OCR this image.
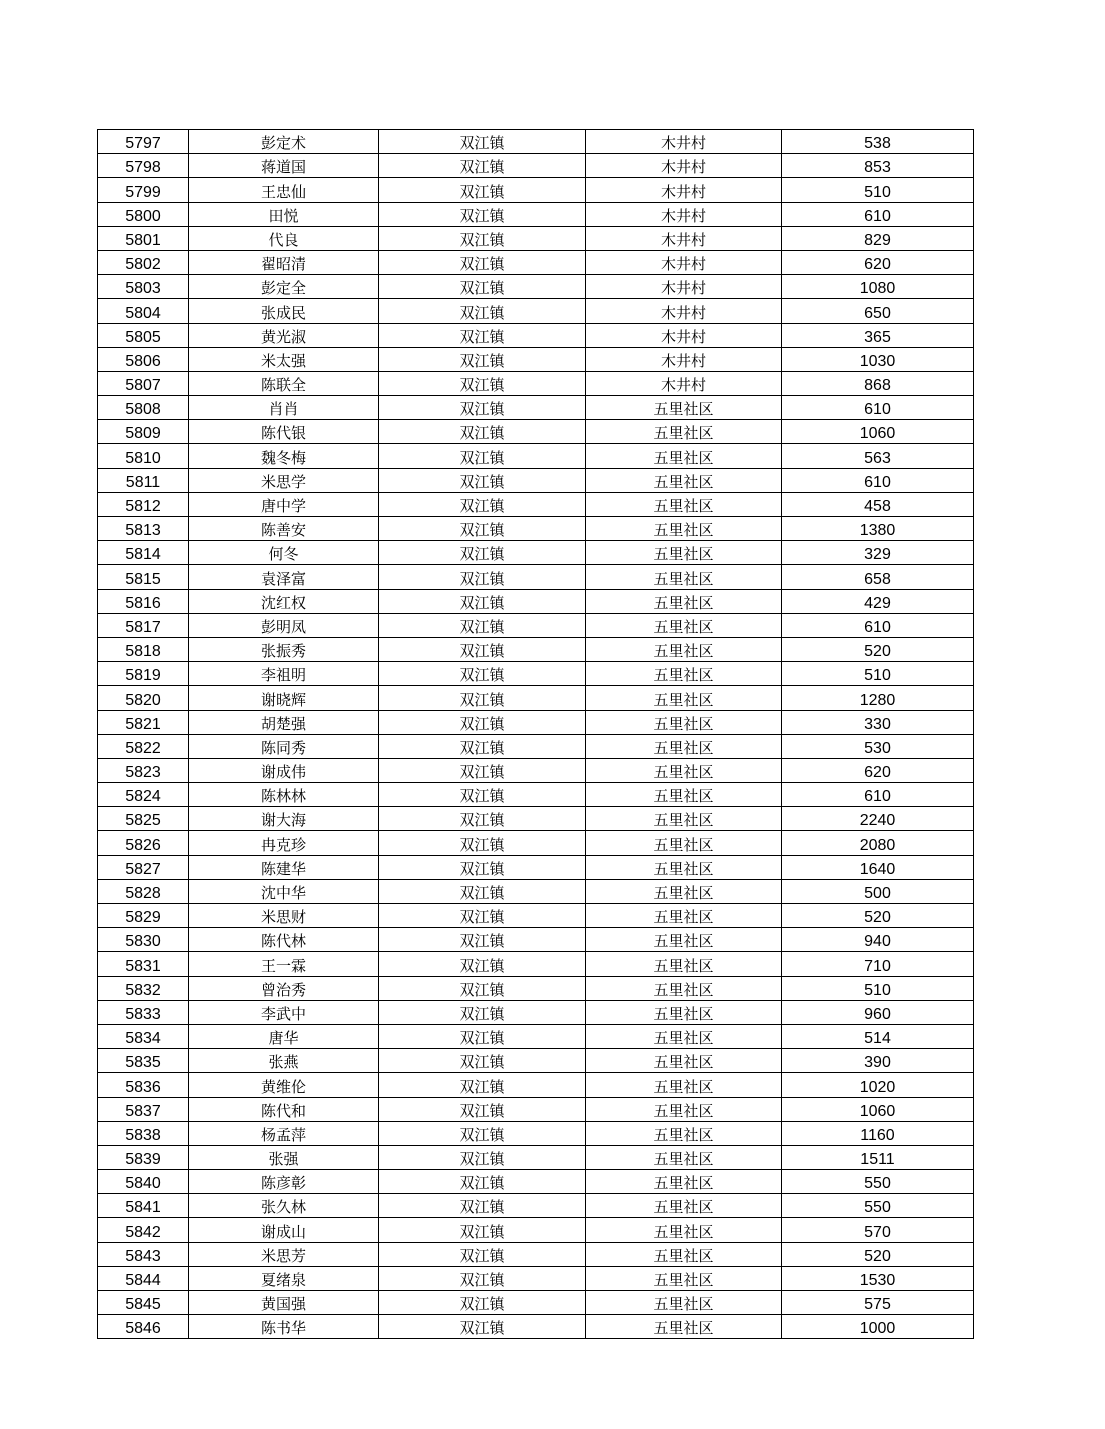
5797	彭定术	双江镇	木井村	538
5798	蒋道国	双江镇	木井村	853
5799	王忠仙	双江镇	木井村	510
5800	田悦	双江镇	木井村	610
5801	代良	双江镇	木井村	829
5802	翟昭清	双江镇	木井村	620
5803	彭定全	双江镇	木井村	1080
5804	张成民	双江镇	木井村	650
5805	黄光淑	双江镇	木井村	365
5806	米太强	双江镇	木井村	1030
5807	陈联全	双江镇	木井村	868
5808	肖肖	双江镇	五里社区	610
5809	陈代银	双江镇	五里社区	1060
5810	魏冬梅	双江镇	五里社区	563
5811	米思学	双江镇	五里社区	610
5812	唐中学	双江镇	五里社区	458
5813	陈善安	双江镇	五里社区	1380
5814	何冬	双江镇	五里社区	329
5815	袁泽富	双江镇	五里社区	658
5816	沈红权	双江镇	五里社区	429
5817	彭明凤	双江镇	五里社区	610
5818	张振秀	双江镇	五里社区	520
5819	李祖明	双江镇	五里社区	510
5820	谢晓辉	双江镇	五里社区	1280
5821	胡楚强	双江镇	五里社区	330
5822	陈同秀	双江镇	五里社区	530
5823	谢成伟	双江镇	五里社区	620
5824	陈林林	双江镇	五里社区	610
5825	谢大海	双江镇	五里社区	2240
5826	冉克珍	双江镇	五里社区	2080
5827	陈建华	双江镇	五里社区	1640
5828	沈中华	双江镇	五里社区	500
5829	米思财	双江镇	五里社区	520
5830	陈代林	双江镇	五里社区	940
5831	王一霖	双江镇	五里社区	710
5832	曾治秀	双江镇	五里社区	510
5833	李武中	双江镇	五里社区	960
5834	唐华	双江镇	五里社区	514
5835	张燕	双江镇	五里社区	390
5836	黄维伦	双江镇	五里社区	1020
5837	陈代和	双江镇	五里社区	1060
5838	杨孟萍	双江镇	五里社区	1160
5839	张强	双江镇	五里社区	1511
5840	陈彦彰	双江镇	五里社区	550
5841	张久林	双江镇	五里社区	550
5842	谢成山	双江镇	五里社区	570
5843	米思芳	双江镇	五里社区	520
5844	夏绪泉	双江镇	五里社区	1530
5845	黄国强	双江镇	五里社区	575
5846	陈书华	双江镇	五里社区	1000
